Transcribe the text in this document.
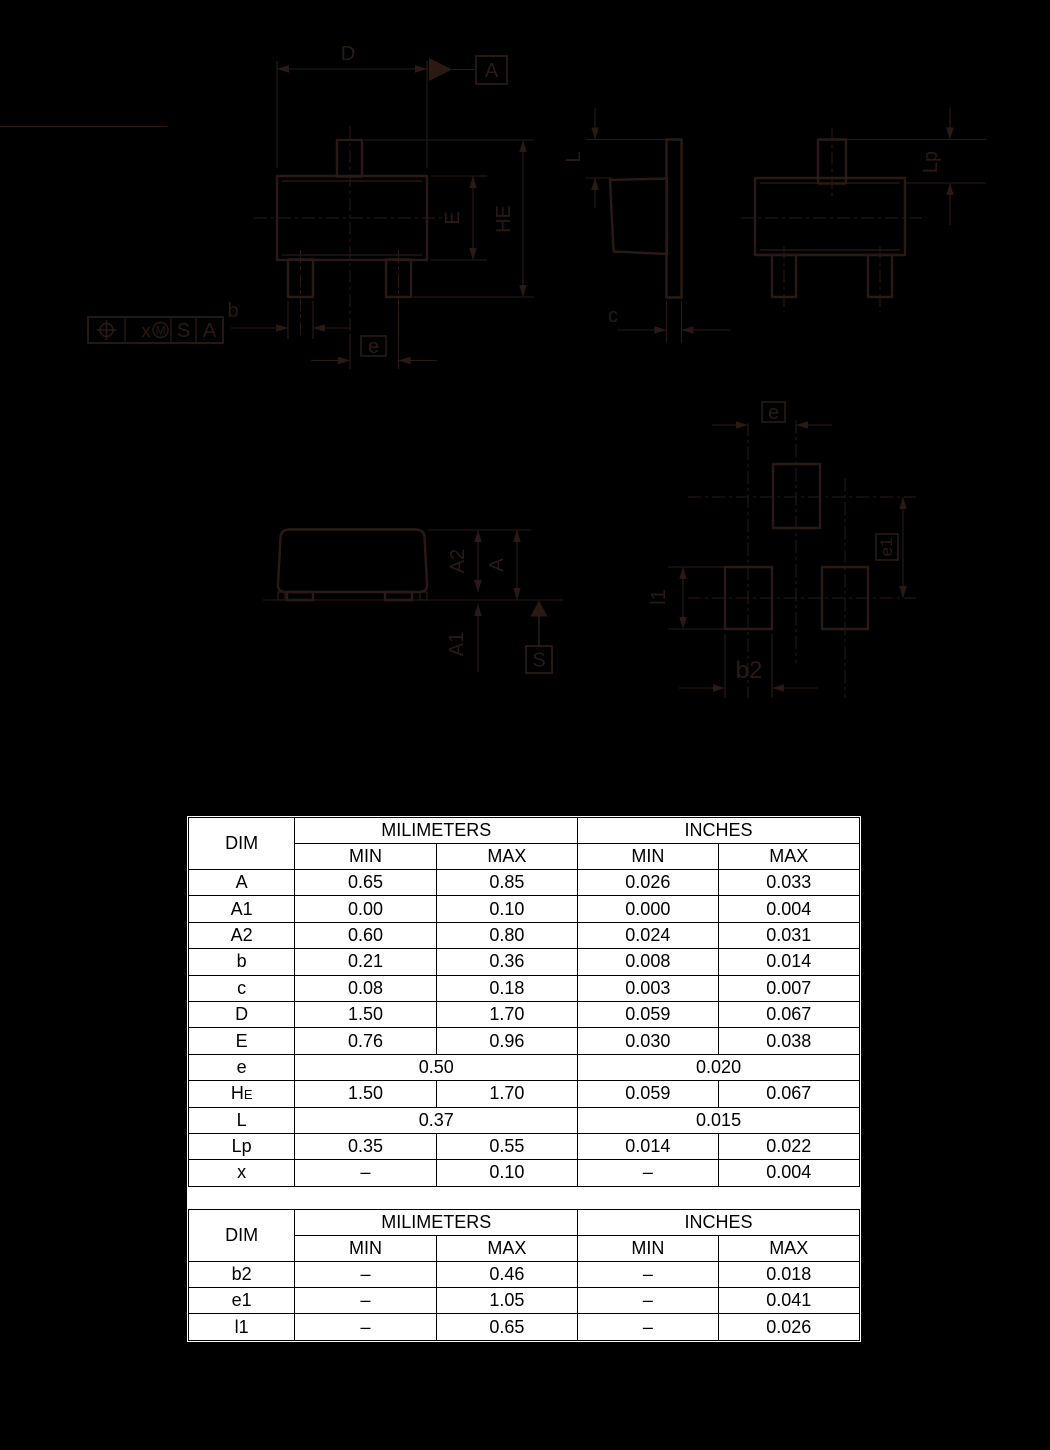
D
A
E
HE
b
e
x M S A
L
c
Lp
A2 A
A1
S
e
e1
l1
b2
DIM	MILIMETERS		INCHES	
	MIN	MAX	MIN	MAX
A	0.65	0.85	0.026	0.033
A1	0.00	0.10	0.000	0.004
A2	0.60	0.80	0.024	0.031
b	0.21	0.36	0.008	0.014
c	0.08	0.18	0.003	0.007
D	1.50	1.70	0.059	0.067
E	0.76	0.96	0.030	0.038
e	0.50		0.020	
HE	1.50	1.70	0.059	0.067
L	0.37		0.015	
Lp	0.35	0.55	0.014	0.022
x	–	0.10	–	0.004
DIM	MILIMETERS		INCHES	
	MIN	MAX	MIN	MAX
b2	–	0.46	–	0.018
e1	–	1.05	–	0.041
l1	–	0.65	–	0.026
